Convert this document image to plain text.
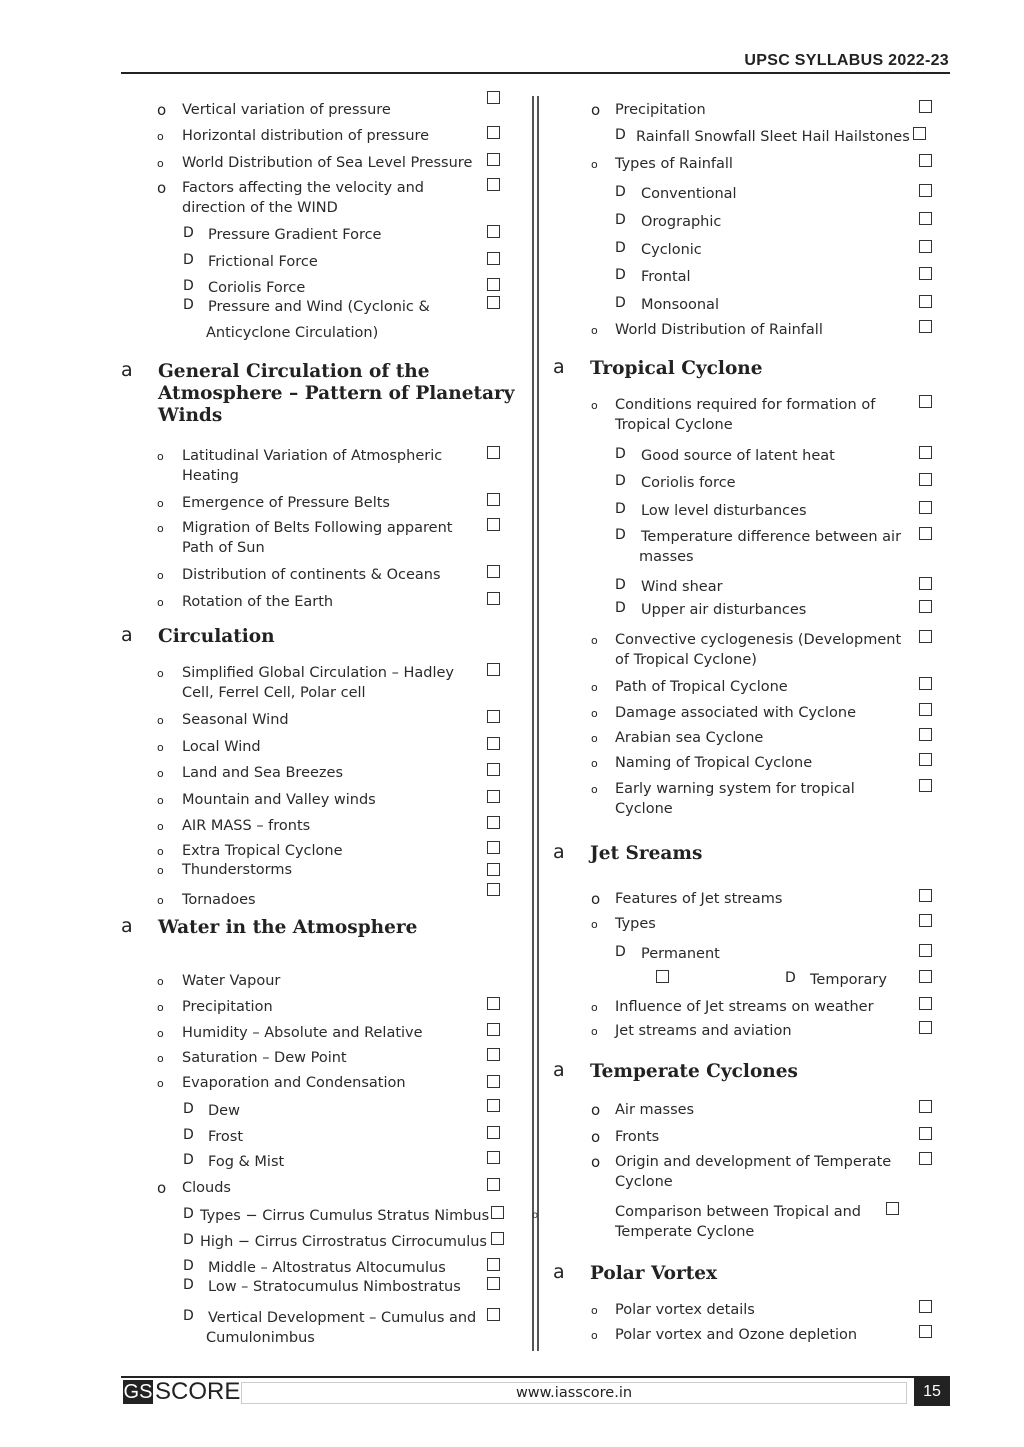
UPSC SYLLABUS 2022-23
o
GS SCORE	www.iasscore.in	15
o Vertical variation of pressure
o Horizontal distribution of pressure
o World Distribution of Sea Level Pressure
o Factors affecting the velocity and
direction of the WIND
D Pressure Gradient Force
D Frictional Force
D Coriolis Force
D Pressure and Wind (Cyclonic &
Anticyclone Circulation)
a General Circulation of the
Atmosphere – Pattern of Planetary
Winds
o Latitudinal Variation of Atmospheric
Heating
o Emergence of Pressure Belts
o Migration of Belts Following apparent
Path of Sun
o Distribution of continents & Oceans
o Rotation of the Earth
a Circulation
o Simplified Global Circulation – Hadley
Cell, Ferrel Cell, Polar cell
o Seasonal Wind
o Local Wind
o Land and Sea Breezes
o Mountain and Valley winds
o AIR MASS – fronts
o Extra Tropical Cyclone
o Thunderstorms
o Tornadoes
a Water in the Atmosphere
o Water Vapour
o Precipitation
o Humidity – Absolute and Relative
o Saturation – Dew Point
o Evaporation and Condensation
D Dew
D Frost
D Fog & Mist
o Clouds
D Types − Cirrus Cumulus Stratus Nimbus
D High − Cirrus Cirrostratus Cirrocumulus
D Middle – Altostratus Altocumulus
D Low – Stratocumulus Nimbostratus
D Vertical Development – Cumulus and
Cumulonimbus
o Precipitation
D Rainfall Snowfall Sleet Hail Hailstones
o Types of Rainfall
D Conventional
D Orographic
D Cyclonic
D Frontal
D Monsoonal
o World Distribution of Rainfall
a Tropical Cyclone
o Conditions required for formation of
Tropical Cyclone
D Good source of latent heat
D Coriolis force
D Low level disturbances
D Temperature difference between air
masses
D Wind shear
D Upper air disturbances
o Convective cyclogenesis (Development
of Tropical Cyclone)
o Path of Tropical Cyclone
o Damage associated with Cyclone
o Arabian sea Cyclone
o Naming of Tropical Cyclone
o Early warning system for tropical
Cyclone
a Jet Sreams
o Features of Jet streams
o Types
D Permanent
D Temporary
o Influence of Jet streams on weather
o Jet streams and aviation
a Temperate Cyclones
o Air masses
o Fronts
o Origin and development of Temperate
Cyclone
Comparison between Tropical and
Temperate Cyclone
a Polar Vortex
o Polar vortex details
o Polar vortex and Ozone depletion
